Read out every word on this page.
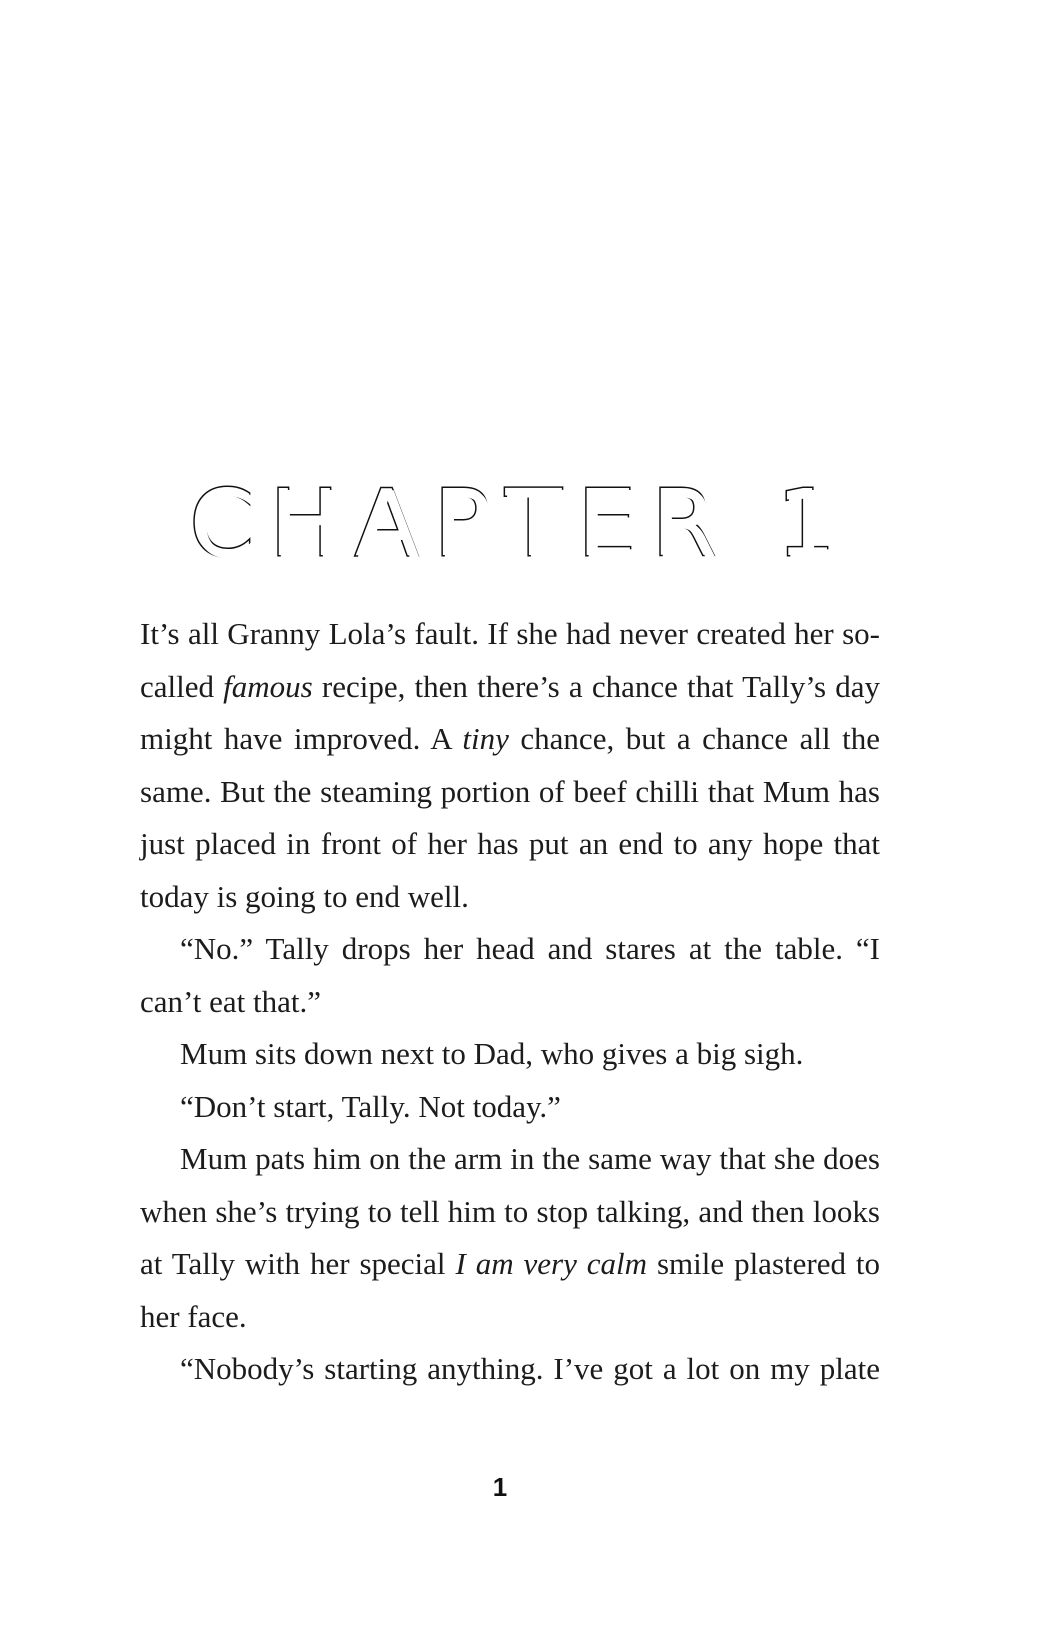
CHAPTER 1

It’s all Granny Lola’s fault. If she had never created her so-called famous recipe, then there’s a chance that Tally’s day might have improved. A tiny chance, but a chance all the same. But the steaming portion of beef chilli that Mum has just placed in front of her has put an end to any hope that today is going to end well.

“No.” Tally drops her head and stares at the table. “I can’t eat that.”

Mum sits down next to Dad, who gives a big sigh.

“Don’t start, Tally. Not today.”

Mum pats him on the arm in the same way that she does when she’s trying to tell him to stop talking, and then looks at Tally with her special I am very calm smile plastered to her face.

“Nobody’s starting anything. I’ve got a lot on my plate

1
